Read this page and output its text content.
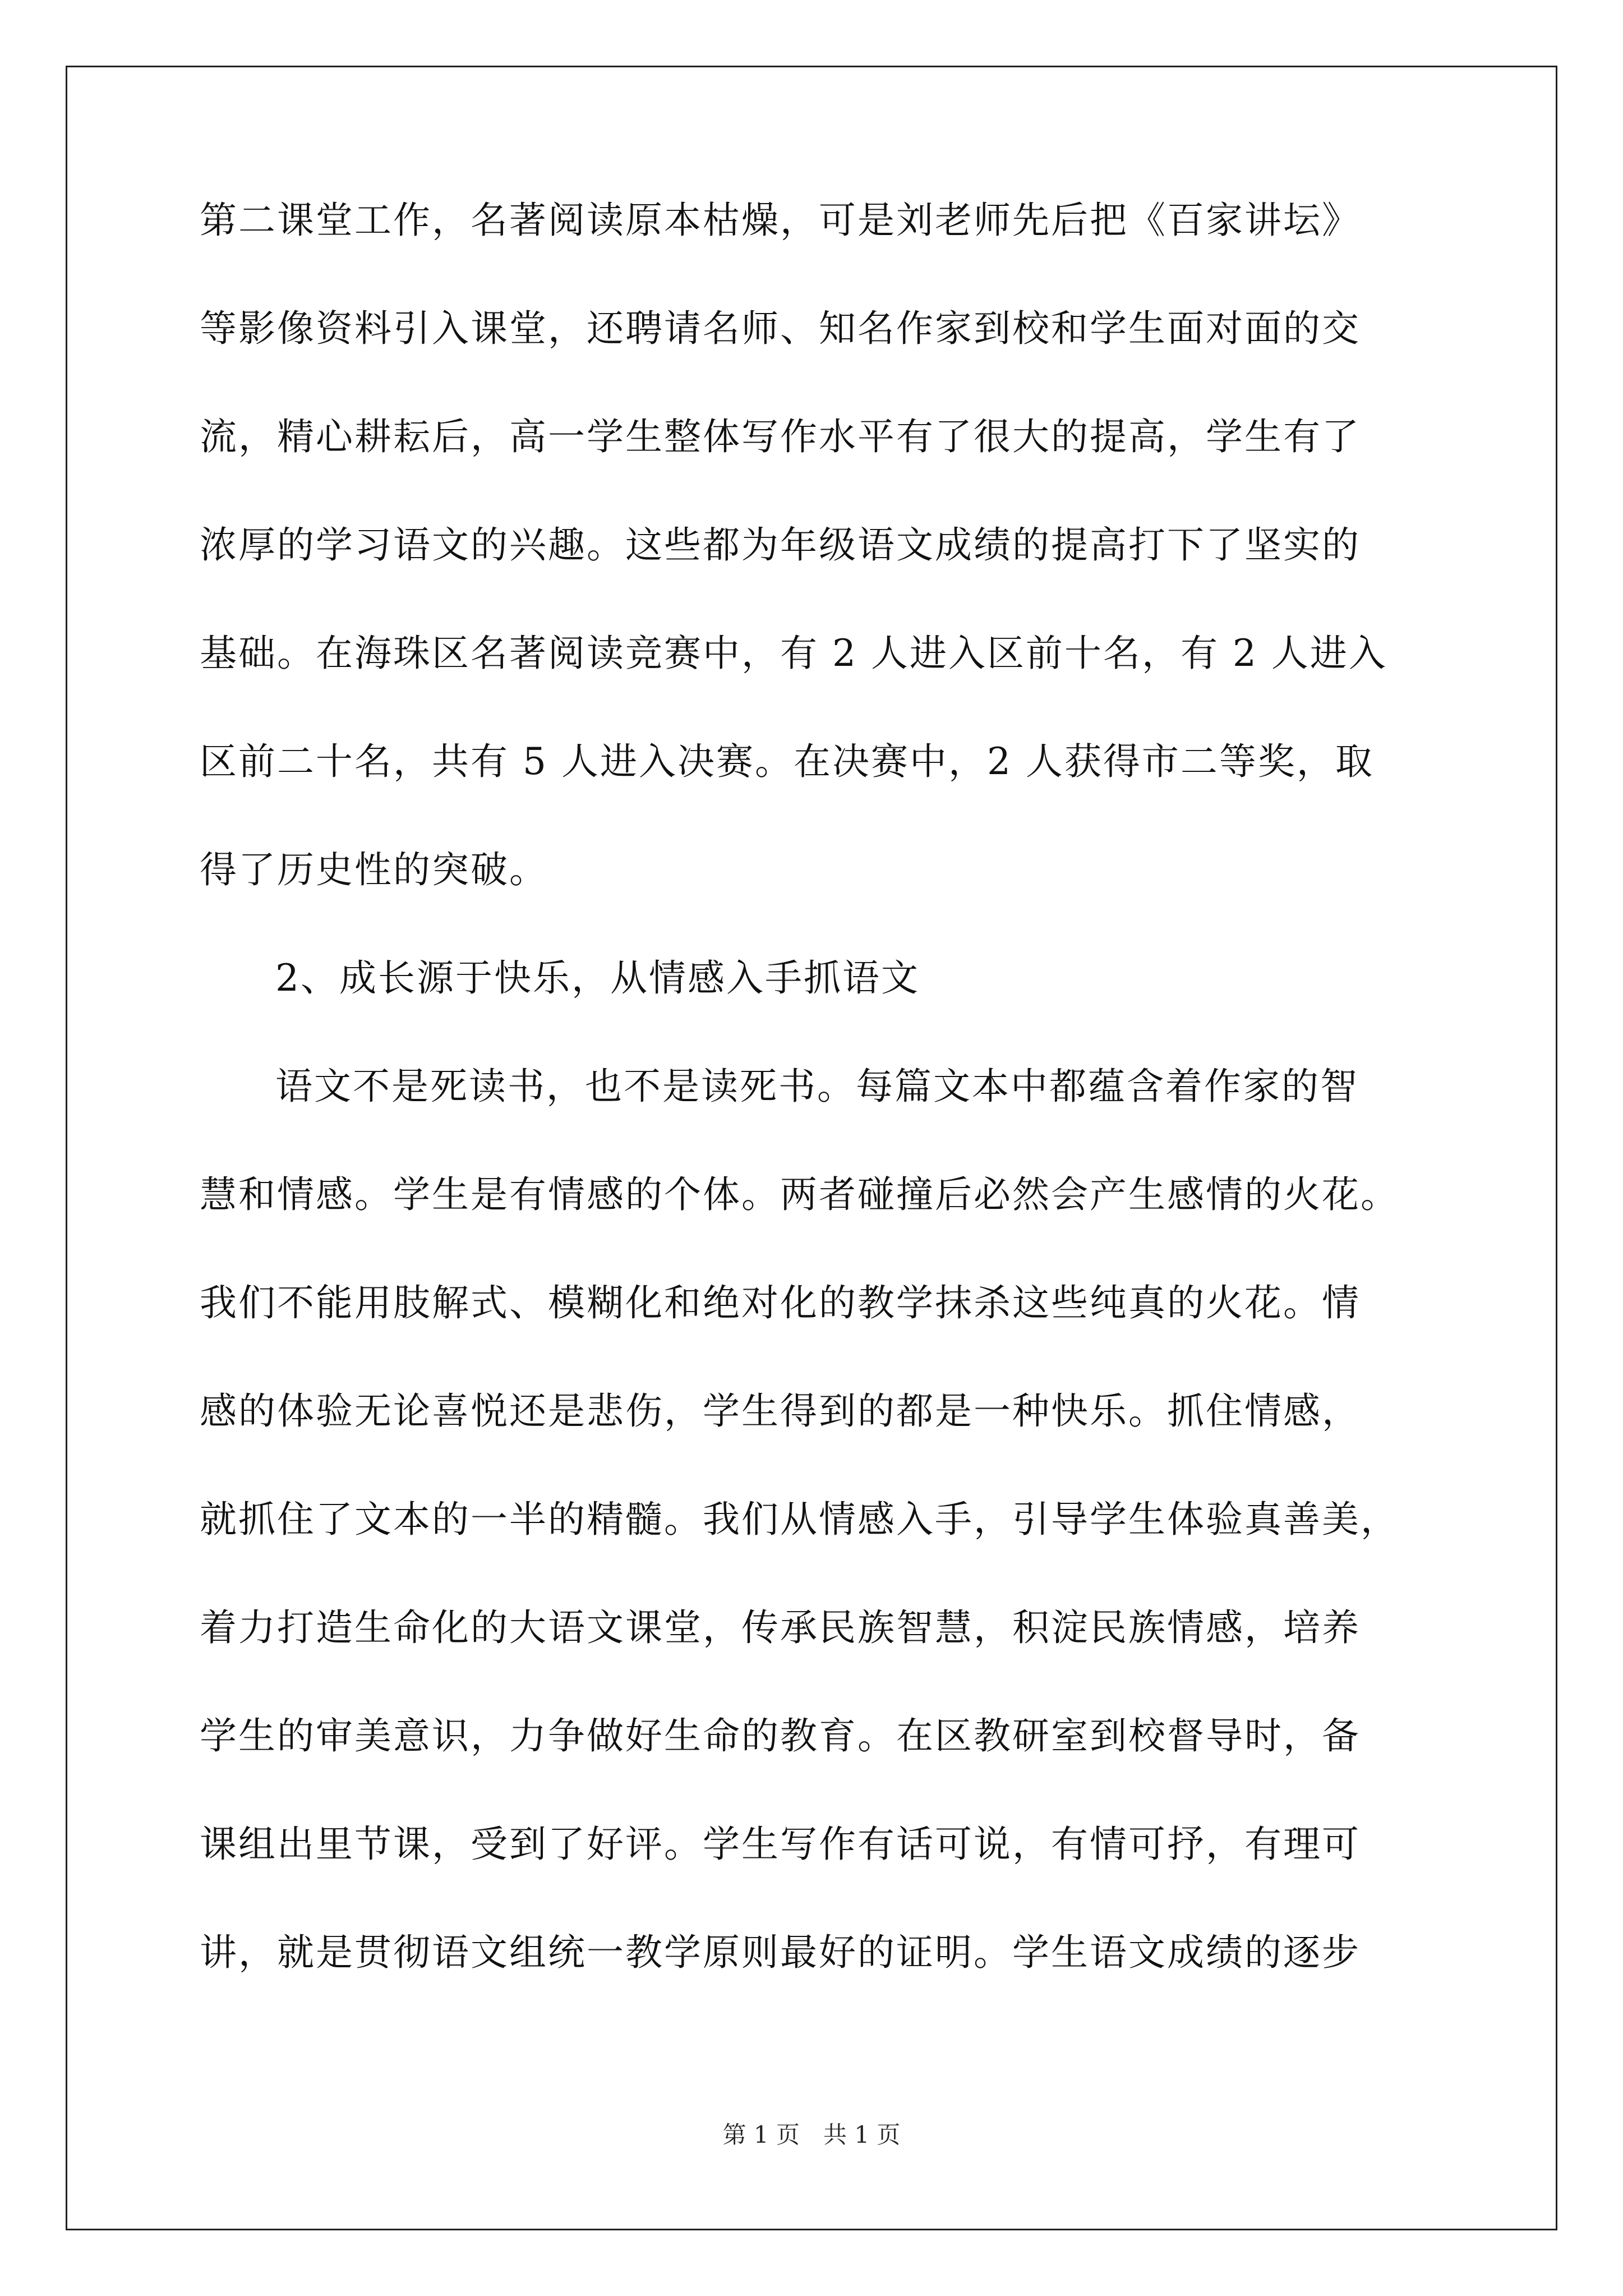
第二课堂工作，名著阅读原本枯燥，可是刘老师先后把《百家讲坛》
等影像资料引入课堂，还聘请名师、知名作家到校和学生面对面的交
流，精心耕耘后，高一学生整体写作水平有了很大的提高，学生有了
浓厚的学习语文的兴趣。这些都为年级语文成绩的提高打下了坚实的
基础。在海珠区名著阅读竞赛中，有 2 人进入区前十名，有 2 人进入
区前二十名，共有 5 人进入决赛。在决赛中，2 人获得市二等奖，取
得了历史性的突破。
2、成长源于快乐，从情感入手抓语文
语文不是死读书，也不是读死书。每篇文本中都蕴含着作家的智
慧和情感。学生是有情感的个体。两者碰撞后必然会产生感情的火花。
我们不能用肢解式、模糊化和绝对化的教学抹杀这些纯真的火花。情
感的体验无论喜悦还是悲伤，学生得到的都是一种快乐。抓住情感，
就抓住了文本的一半的精髓。我们从情感入手，引导学生体验真善美，
着力打造生命化的大语文课堂，传承民族智慧，积淀民族情感，培养
学生的审美意识，力争做好生命的教育。在区教研室到校督导时，备
课组出里节课，受到了好评。学生写作有话可说，有情可抒，有理可
讲，就是贯彻语文组统一教学原则最好的证明。学生语文成绩的逐步
第 1 页　共 1 页
